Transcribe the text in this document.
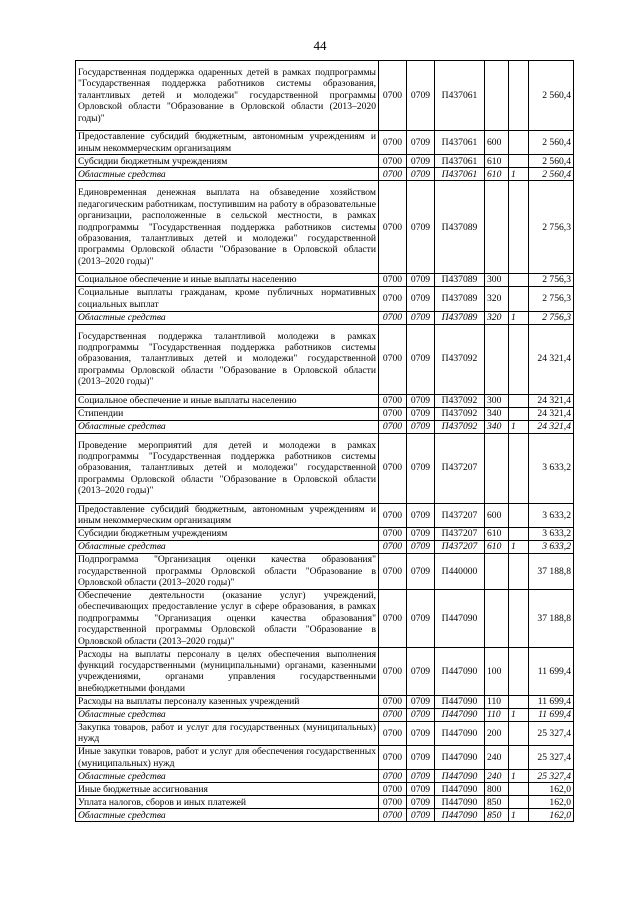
44
Государственная поддержка одаренных детей в рамках подпрограммы "Государственная поддержка работников системы образования, талантливых детей и молодежи" государственной программы Орловской области "Образование в Орловской области (2013–2020 годы)"	0700	0709	П437061			2 560,4
Предоставление субсидий бюджетным, автономным учреждениям и иным некоммерческим организациям	0700	0709	П437061	600		2 560,4
Субсидии бюджетным учреждениям	0700	0709	П437061	610		2 560,4
Областные средства	0700	0709	П437061	610	1	2 560,4
Единовременная денежная выплата на обзаведение хозяйством педагогическим работникам, поступившим на работу в образовательные организации, расположенные в сельской местности, в рамках подпрограммы "Государственная поддержка работников системы образования, талантливых детей и молодежи" государственной программы Орловской области "Образование в Орловской области (2013–2020 годы)"	0700	0709	П437089			2 756,3
Социальное обеспечение и иные выплаты населению	0700	0709	П437089	300		2 756,3
Социальные выплаты гражданам, кроме публичных нормативных социальных выплат	0700	0709	П437089	320		2 756,3
Областные средства	0700	0709	П437089	320	1	2 756,3
Государственная поддержка талантливой молодежи в рамках подпрограммы "Государственная поддержка работников системы образования, талантливых детей и молодежи" государственной программы Орловской области "Образование в Орловской области (2013–2020 годы)"	0700	0709	П437092			24 321,4
Социальное обеспечение и иные выплаты населению	0700	0709	П437092	300		24 321,4
Стипендии	0700	0709	П437092	340		24 321,4
Областные средства	0700	0709	П437092	340	1	24 321,4
Проведение мероприятий для детей и молодежи в рамках подпрограммы "Государственная поддержка работников системы образования, талантливых детей и молодежи" государственной программы Орловской области "Образование в Орловской области (2013–2020 годы)"	0700	0709	П437207			3 633,2
Предоставление субсидий бюджетным, автономным учреждениям и иным некоммерческим организациям	0700	0709	П437207	600		3 633,2
Субсидии бюджетным учреждениям	0700	0709	П437207	610		3 633,2
Областные средства	0700	0709	П437207	610	1	3 633,2
Подпрограмма "Организация оценки качества образования" государственной программы Орловской области "Образование в Орловской области (2013–2020 годы)"	0700	0709	П440000			37 188,8
Обеспечение деятельности (оказание услуг) учреждений, обеспечивающих предоставление услуг в сфере образования, в рамках подпрограммы "Организация оценки качества образования" государственной программы Орловской области "Образование в Орловской области (2013–2020 годы)"	0700	0709	П447090			37 188,8
Расходы на выплаты персоналу в целях обеспечения выполнения функций государственными (муниципальными) органами, казенными учреждениями, органами управления государственными внебюджетными фондами	0700	0709	П447090	100		11 699,4
Расходы на выплаты персоналу казенных учреждений	0700	0709	П447090	110		11 699,4
Областные средства	0700	0709	П447090	110	1	11 699,4
Закупка товаров, работ и услуг для государственных (муниципальных) нужд	0700	0709	П447090	200		25 327,4
Иные закупки товаров, работ и услуг для обеспечения государственных (муниципальных) нужд	0700	0709	П447090	240		25 327,4
Областные средства	0700	0709	П447090	240	1	25 327,4
Иные бюджетные ассигнования	0700	0709	П447090	800		162,0
Уплата налогов, сборов и иных платежей	0700	0709	П447090	850		162,0
Областные средства	0700	0709	П447090	850	1	162,0
